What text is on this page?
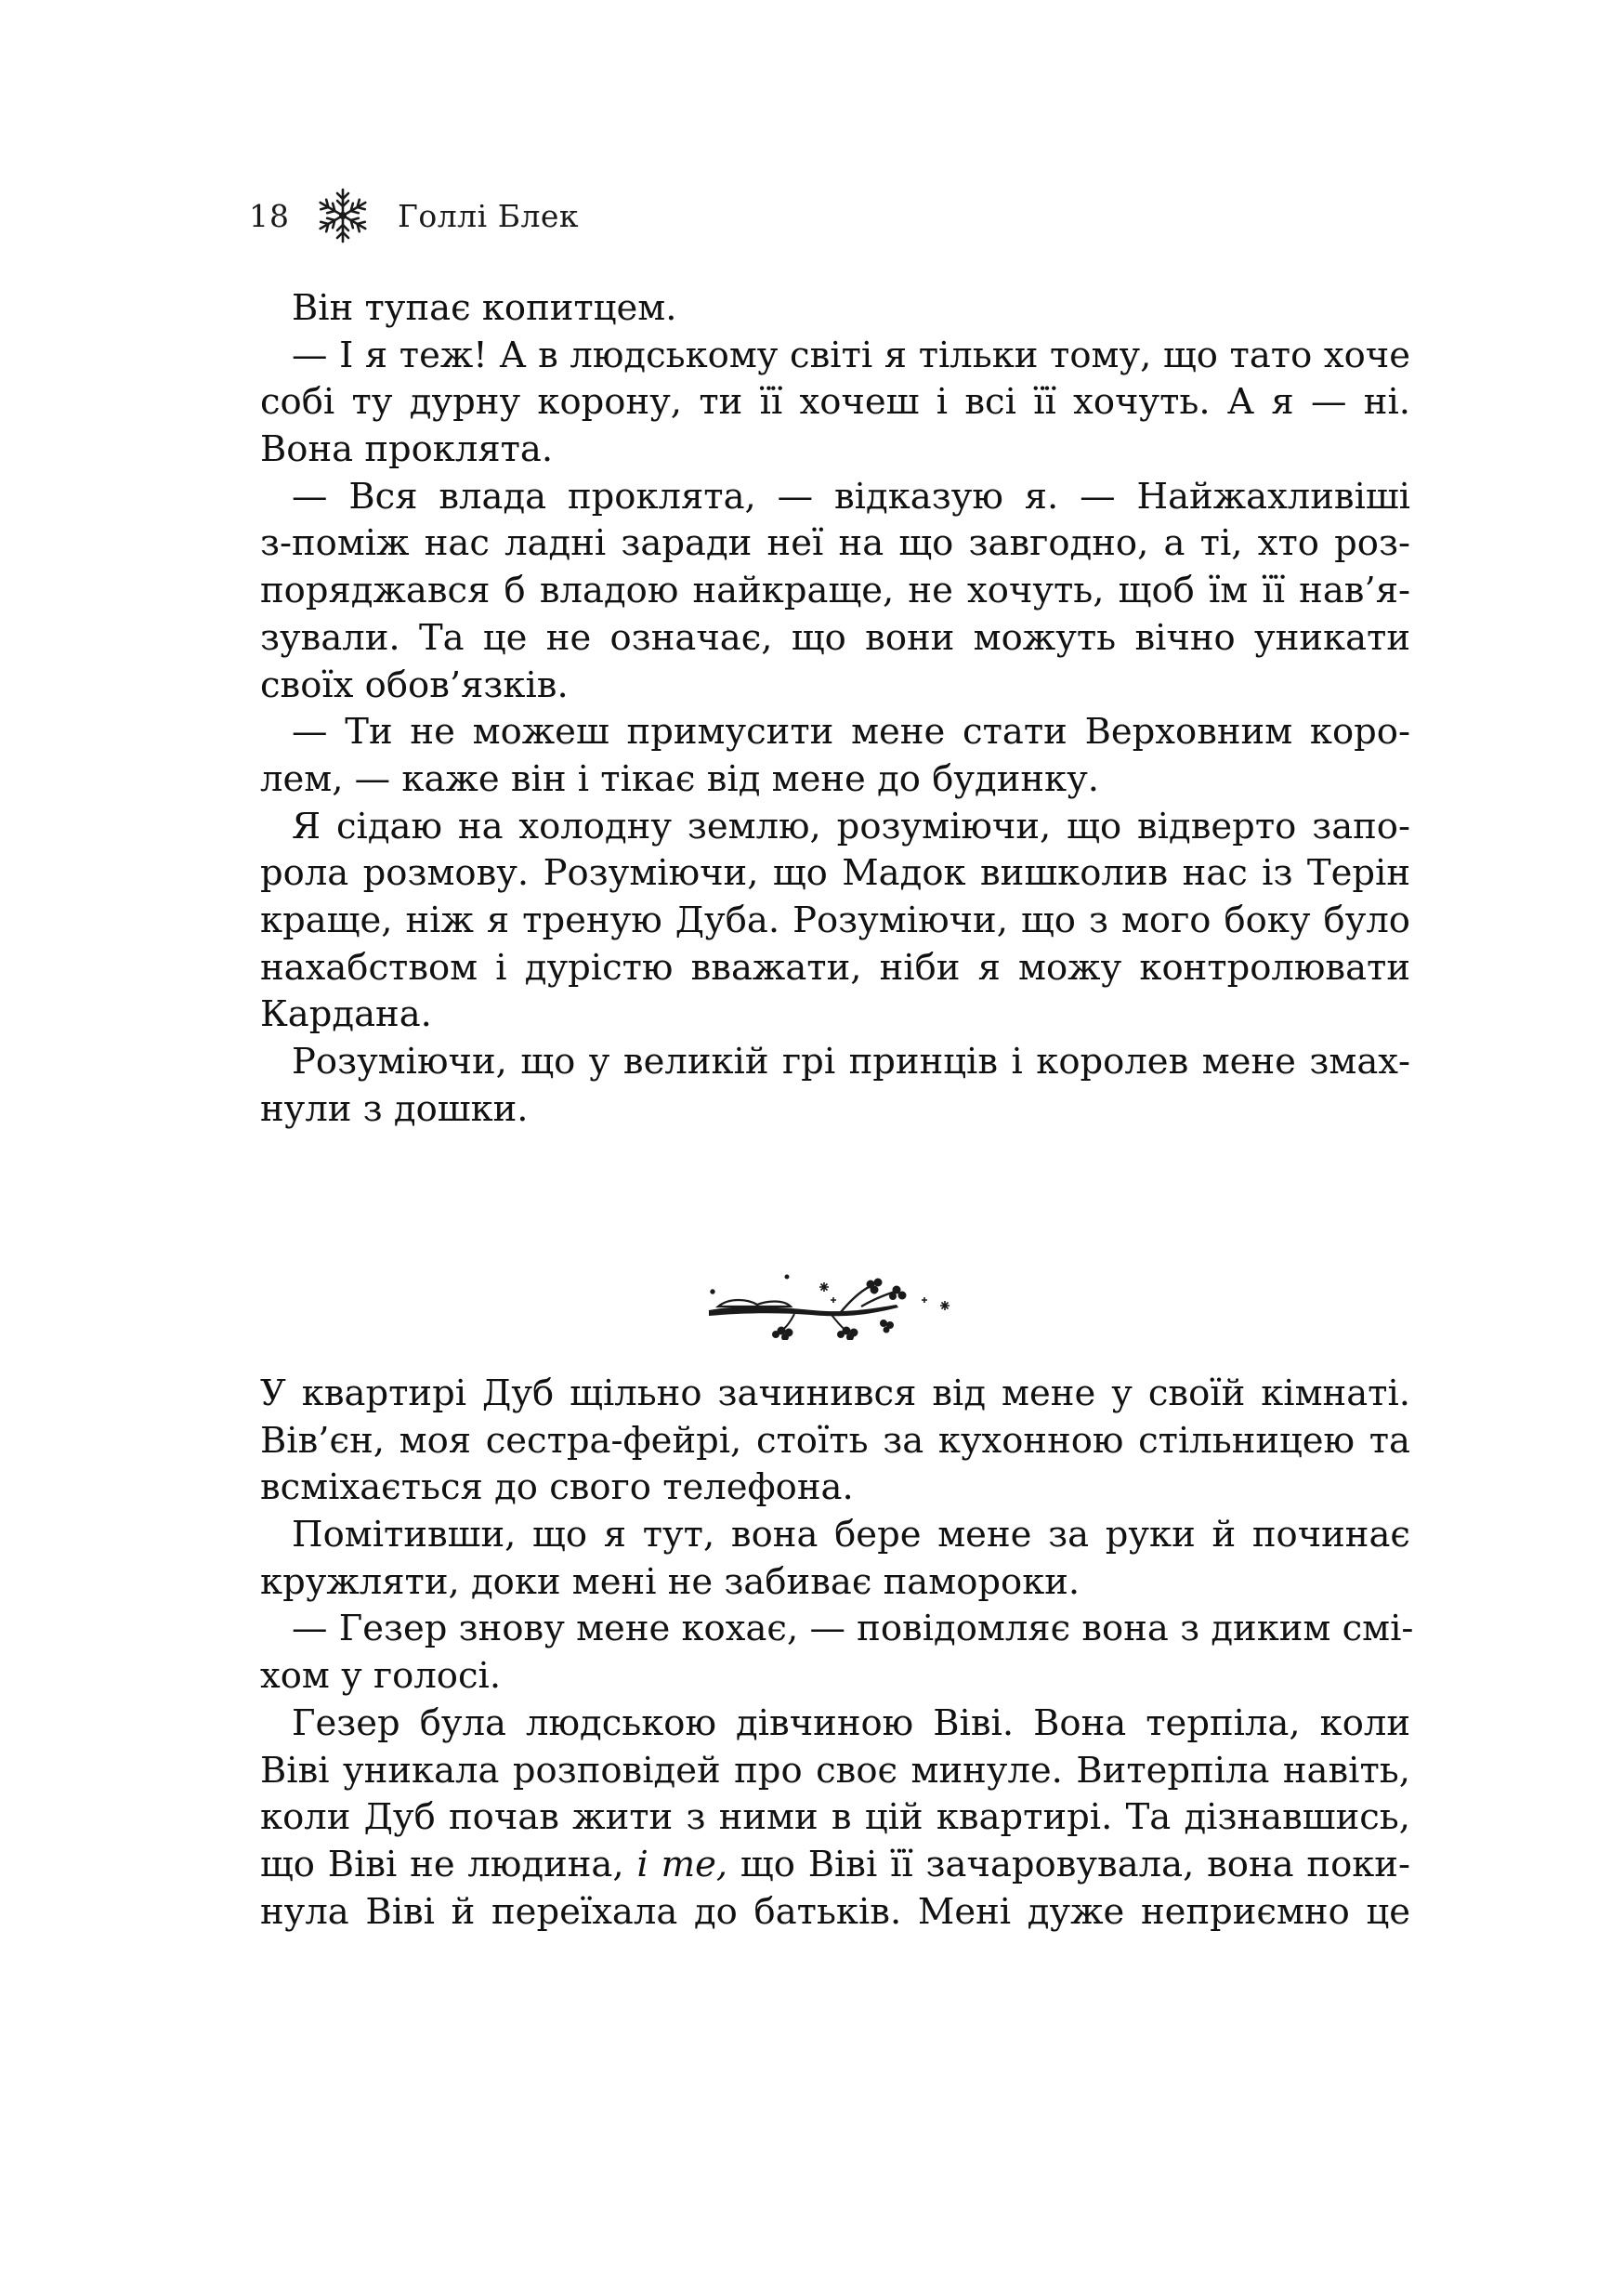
18	Голлі Блек
Він тупає копитцем.
— І я теж! А в людському світі я тільки тому, що тато хоче
собі ту дурну корону, ти її хочеш і всі її хочуть. А я — ні.
Вона проклята.
— Вся влада проклята, — відказую я. — Найжахливіші
з-поміж нас ладні заради неї на що завгодно, а ті, хто роз-
поряджався б владою найкраще, не хочуть, щоб їм її нав’я-
зували. Та це не означає, що вони можуть вічно уникати
своїх обов’язків.
— Ти не можеш примусити мене стати Верховним коро-
лем, — каже він і тікає від мене до будинку.
Я сідаю на холодну землю, розуміючи, що відверто запо-
рола розмову. Розуміючи, що Мадок вишколив нас із Терін
краще, ніж я треную Дуба. Розуміючи, що з мого боку було
нахабством і дурістю вважати, ніби я можу контролювати
Кардана.
Розуміючи, що у великій грі принців і королев мене змах-
нули з дошки.
У квартирі Дуб щільно зачинився від мене у своїй кімнаті.
Вів’єн, моя сестра-фейрі, стоїть за кухонною стільницею та
всміхається до свого телефона.
Помітивши, що я тут, вона бере мене за руки й починає
кружляти, доки мені не забиває памороки.
— Гезер знову мене кохає, — повідомляє вона з диким смі-
хом у голосі.
Гезер була людською дівчиною Віві. Вона терпіла, коли
Віві уникала розповідей про своє минуле. Витерпіла навіть,
коли Дуб почав жити з ними в цій квартирі. Та дізнавшись,
що Віві не людина, і те, що Віві її зачаровувала, вона поки-
нула Віві й переїхала до батьків. Мені дуже неприємно це
